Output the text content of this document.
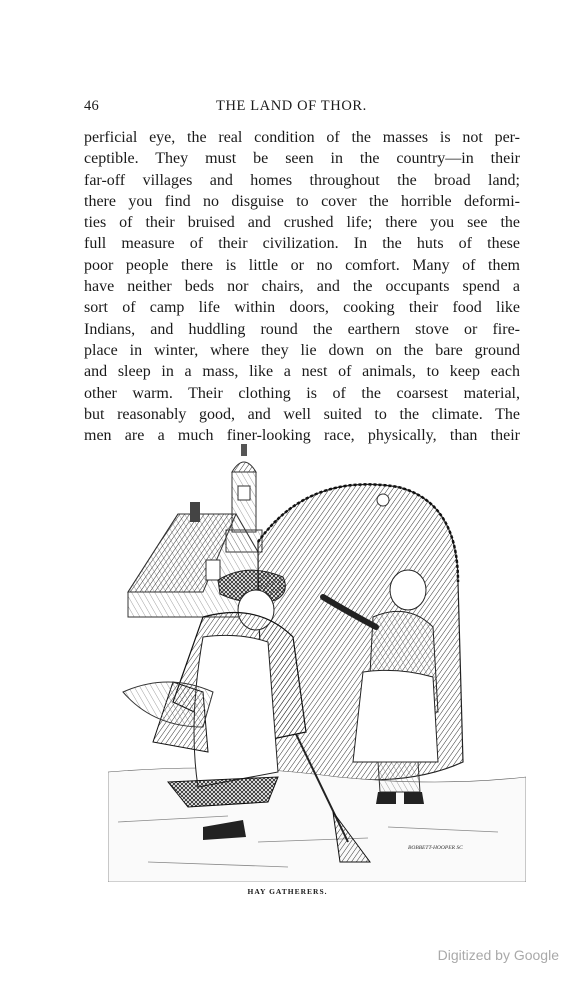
46	THE LAND OF THOR.
perficial eye, the real condition of the masses is not per-
ceptible. They must be seen in the country—in their
far-off villages and homes throughout the broad land;
there you find no disguise to cover the horrible deformi-
ties of their bruised and crushed life; there you see the
full measure of their civilization. In the huts of these
poor people there is little or no comfort. Many of them
have neither beds nor chairs, and the occupants spend a
sort of camp life within doors, cooking their food like
Indians, and huddling round the earthern stove or fire-
place in winter, where they lie down on the bare ground
and sleep in a mass, like a nest of animals, to keep each
other warm. Their clothing is of the coarsest material,
but reasonably good, and well suited to the climate. The
men are a much finer-looking race, physically, than their
BOBBETT-HOOPER SC
HAY GATHERERS.
Digitized by Google
